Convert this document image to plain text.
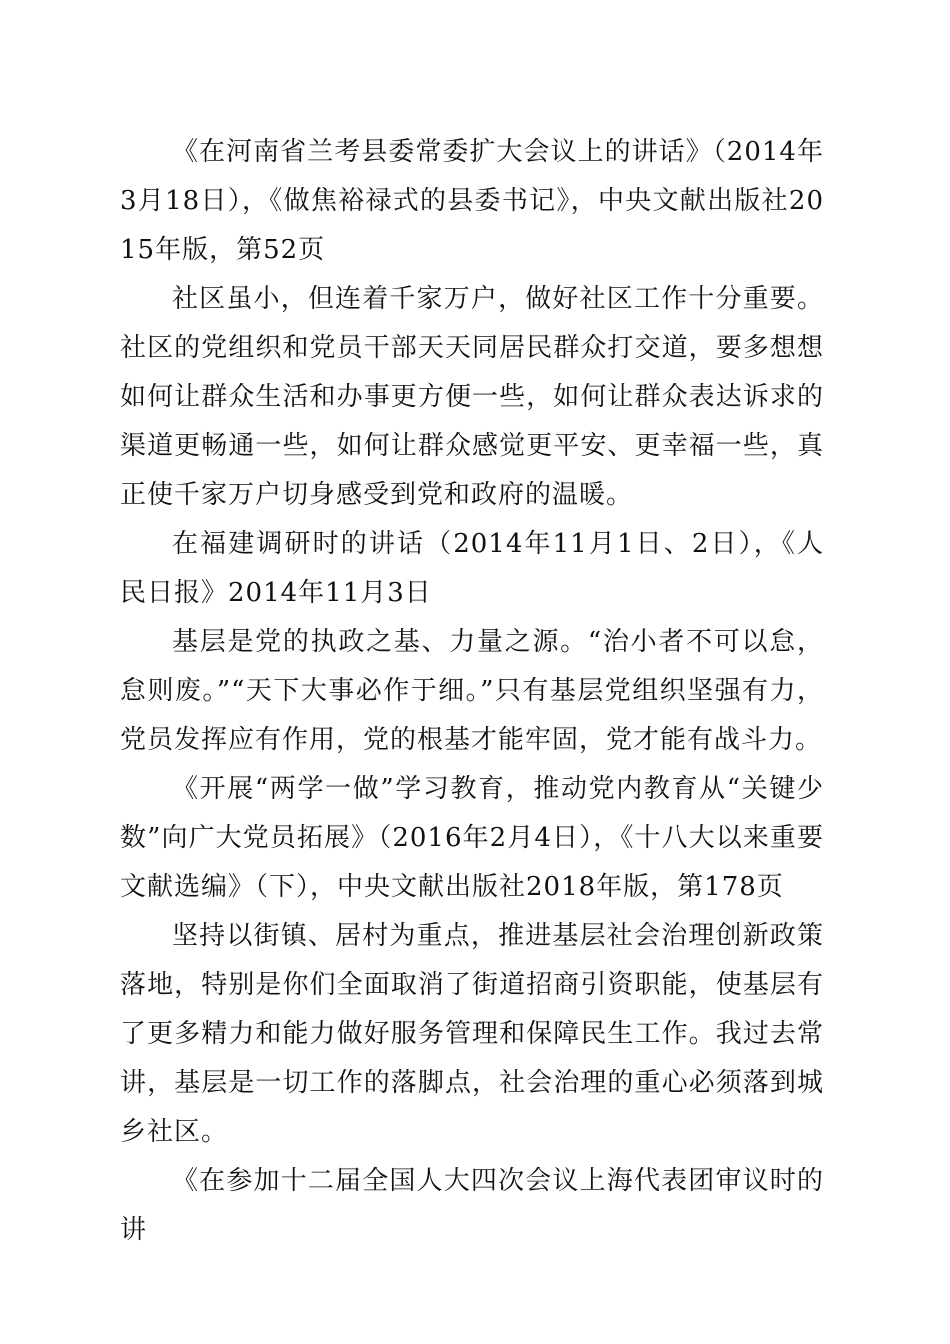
《在河南省兰考县委常委扩大会议上的讲话》（2014年3月18日），《做焦裕禄式的县委书记》，中央文献出版社2015年版，第52页

社区虽小，但连着千家万户，做好社区工作十分重要。社区的党组织和党员干部天天同居民群众打交道，要多想想如何让群众生活和办事更方便一些，如何让群众表达诉求的渠道更畅通一些，如何让群众感觉更平安、更幸福一些，真正使千家万户切身感受到党和政府的温暖。

在福建调研时的讲话（2014年11月1日、2日），《人民日报》2014年11月3日

基层是党的执政之基、力量之源。“治小者不可以怠，怠则废。”“天下大事必作于细。”只有基层党组织坚强有力，党员发挥应有作用，党的根基才能牢固，党才能有战斗力。

《开展“两学一做”学习教育，推动党内教育从“关键少数”向广大党员拓展》（2016年2月4日），《十八大以来重要文献选编》（下），中央文献出版社2018年版，第178页

坚持以街镇、居村为重点，推进基层社会治理创新政策落地，特别是你们全面取消了街道招商引资职能，使基层有了更多精力和能力做好服务管理和保障民生工作。我过去常讲，基层是一切工作的落脚点，社会治理的重心必须落到城乡社区。

《在参加十二届全国人大四次会议上海代表团审议时的讲
